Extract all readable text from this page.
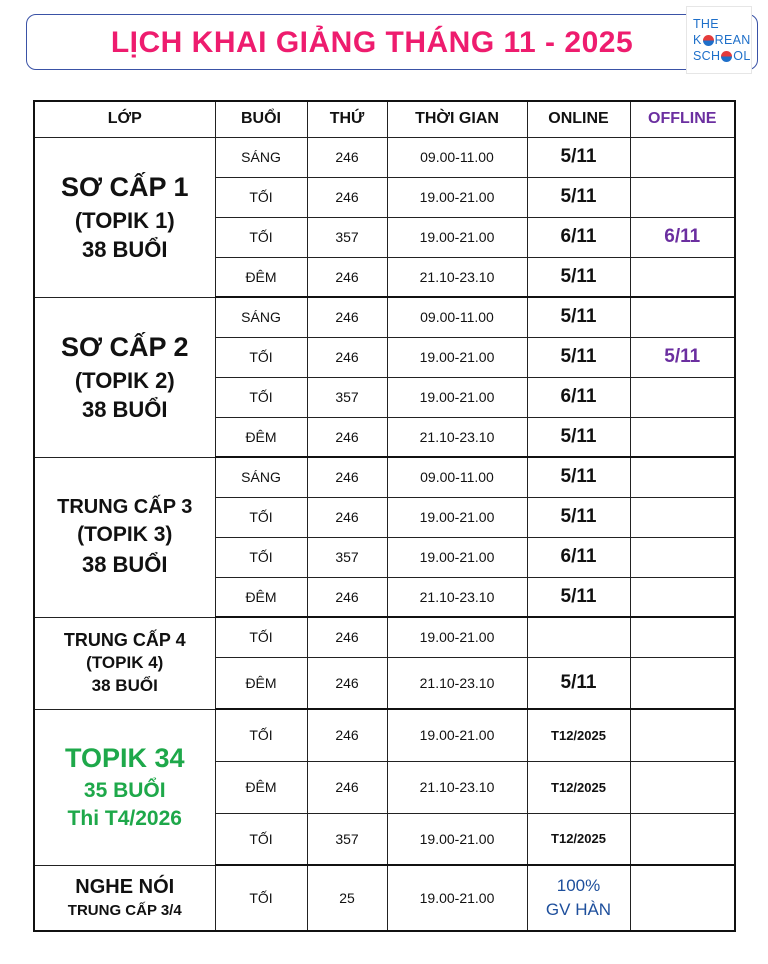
LỊCH KHAI GIẢNG THÁNG 11 - 2025
THE
K REAN
SCH OL
LỚP	BUỔI	THỨ	THỜI GIAN	ONLINE	OFFLINE

SƠ CẤP 1
(TOPIK 1)
38 BUỔI	SÁNG	246	09.00-11.00	5/11	
	TỐI	246	19.00-21.00	5/11	
	TỐI	357	19.00-21.00	6/11	6/11
	ĐÊM	246	21.10-23.10	5/11	

SƠ CẤP 2
(TOPIK 2)
38 BUỔI	SÁNG	246	09.00-11.00	5/11	
	TỐI	246	19.00-21.00	5/11	5/11
	TỐI	357	19.00-21.00	6/11	
	ĐÊM	246	21.10-23.10	5/11	

TRUNG CẤP 3
(TOPIK 3)
38 BUỔI	SÁNG	246	09.00-11.00	5/11	
	TỐI	246	19.00-21.00	5/11	
	TỐI	357	19.00-21.00	6/11	
	ĐÊM	246	21.10-23.10	5/11	

TRUNG CẤP 4
(TOPIK 4)
38 BUỔI	TỐI	246	19.00-21.00		
	ĐÊM	246	21.10-23.10	5/11	

TOPIK 34
35 BUỔI
Thi T4/2026	TỐI	246	19.00-21.00	T12/2025	
	ĐÊM	246	21.10-23.10	T12/2025	
	TỐI	357	19.00-21.00	T12/2025	

NGHE NÓI
TRUNG CẤP 3/4	TỐI	25	19.00-21.00	100%
GV HÀN	
